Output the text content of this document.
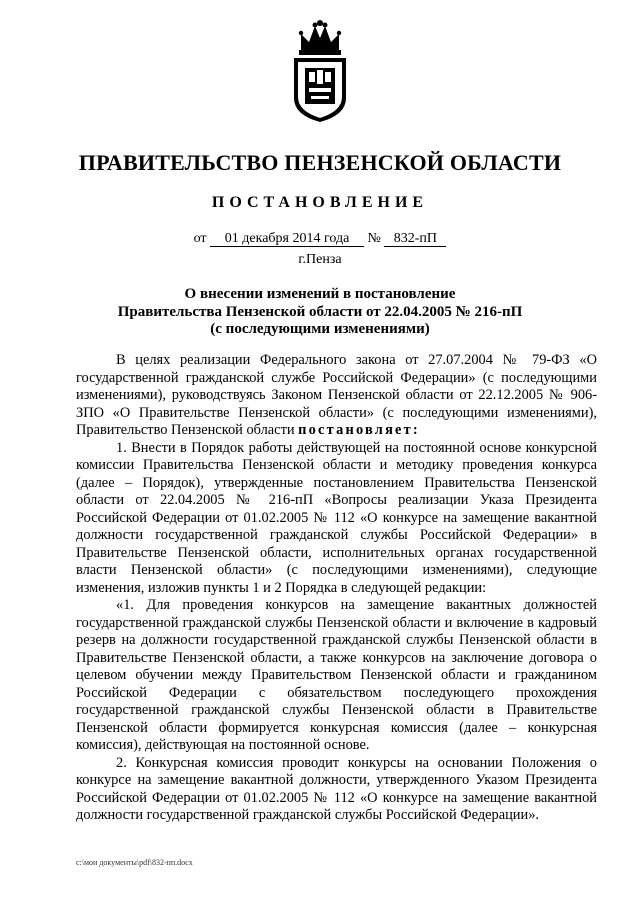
ПРАВИТЕЛЬСТВО ПЕНЗЕНСКОЙ ОБЛАСТИ
ПОСТАНОВЛЕНИЕ
от 01 декабря 2014 года № 832-пП
г.Пенза
О внесении изменений в постановление
Правительства Пензенской области от 22.04.2005 № 216-пП
(с последующими изменениями)

В целях реализации Федерального закона от 27.07.2004 № 79-ФЗ «О государственной гражданской службе Российской Федерации» (с последующими изменениями), руководствуясь Законом Пензенской области от 22.12.2005 № 906-ЗПО «О Правительстве Пензенской области» (с последующими изменениями), Правительство Пензенской области постановляет:

1. Внести в Порядок работы действующей на постоянной основе конкурсной комиссии Правительства Пензенской области и методику проведения конкурса (далее – Порядок), утвержденные постановлением Правительства Пензенской области от 22.04.2005 № 216-пП «Вопросы реализации Указа Президента Российской Федерации от 01.02.2005 № 112 «О конкурсе на замещение вакантной должности государственной гражданской службы Российской Федерации» в Правительстве Пензенской области, исполнительных органах государственной власти Пензенской области» (с последующими изменениями), следующие изменения, изложив пункты 1 и 2 Порядка в следующей редакции:

«1. Для проведения конкурсов на замещение вакантных должностей государственной гражданской службы Пензенской области и включение в кадровый резерв на должности государственной гражданской службы Пензенской области в Правительстве Пензенской области, а также конкурсов на заключение договора о целевом обучении между Правительством Пензенской области и гражданином Российской Федерации с обязательством последующего прохождения государственной гражданской службы Пензенской области в Правительстве Пензенской области формируется конкурсная комиссия (далее – конкурсная комиссия), действующая на постоянной основе.

2. Конкурсная комиссия проводит конкурсы на основании Положения о конкурсе на замещение вакантной должности, утвержденного Указом Президента Российской Федерации от 01.02.2005 № 112 «О конкурсе на замещение вакантной должности государственной гражданской службы Российской Федерации».

c:\мои документы\pdf\832-пп.docx
